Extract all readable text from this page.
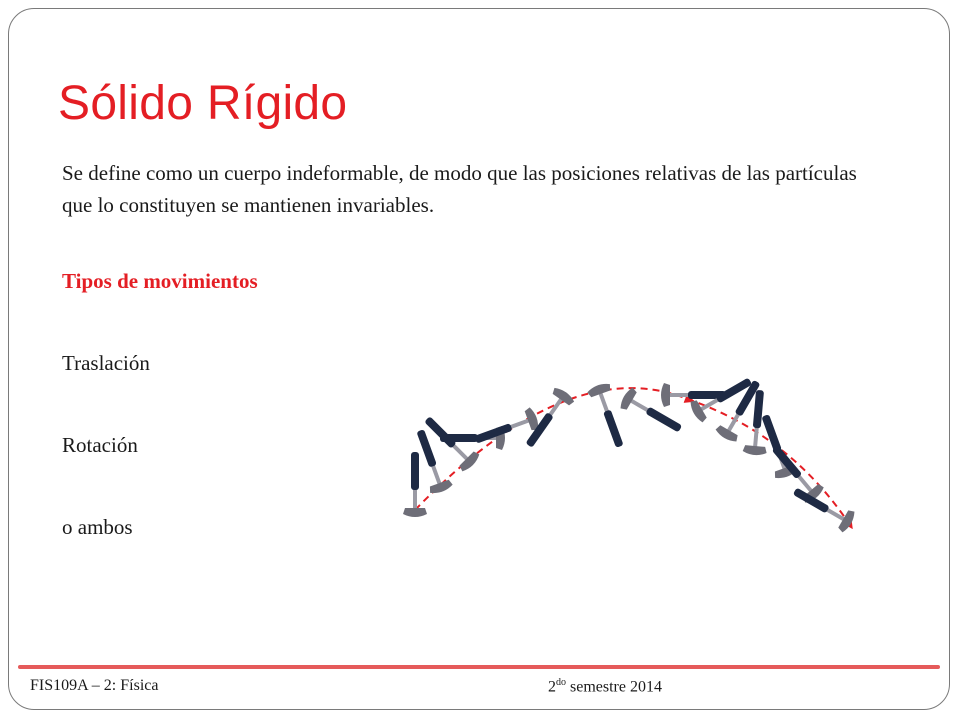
Sólido Rígido

Se define como un cuerpo indeformable, de modo que las posiciones relativas de las partículas que lo constituyen se mantienen invariables.

Tipos de movimientos

Traslación

Rotación

o ambos

FIS109A – 2: Física	$2^{do}$ semestre 2014
